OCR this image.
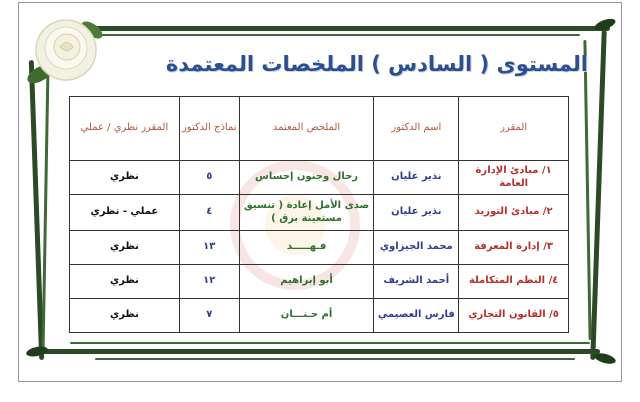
المستوى ( السادس ) الملخصات المعتمدة
المقرر	اسم الدكتور	الملخص المعتمد	نماذج الدكتور	المقرر نظري / عملي
١/ مبادئ الإدارة العامة	نذير عليان	رحال وجنون إحساس	٥	نظري
٢/ مبادئ التوريد	نذير عليان	صدى الأمل إعادة ( تنسيق مستعينة برق )	٤	عملي - نظري
٣/ إدارة المعرفة	محمد الجيزاوي	فـهـــــد	١٣	نظري
٤/ النظم المتكاملة	أحمد الشريف	أبو إبراهيم	١٢	نظري
٥/ القانون التجاري	فارس العصيمي	أم حـنـــان	٧	نظري
